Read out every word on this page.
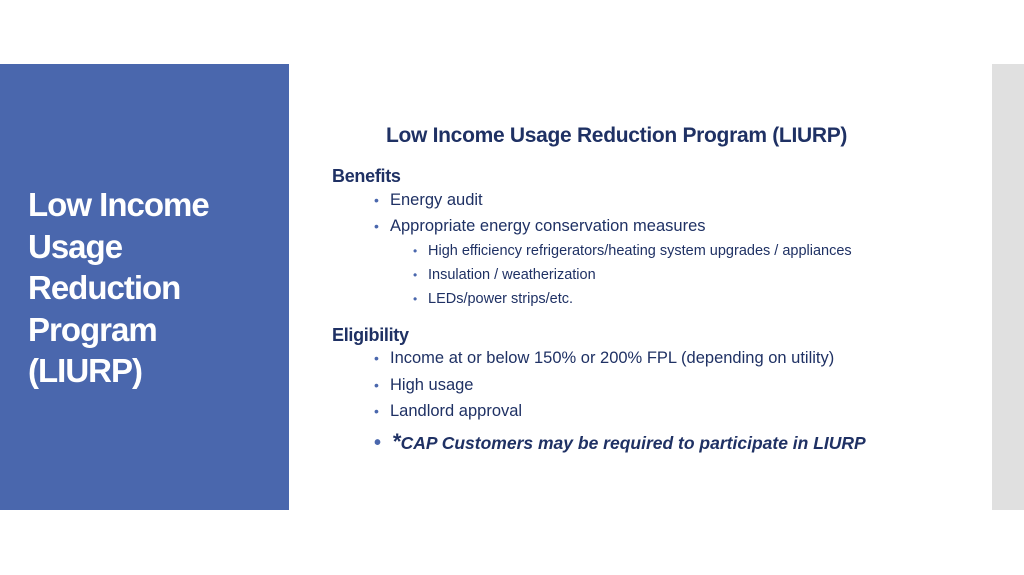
Low Income
Usage
Reduction
Program
(LIURP)
Low Income Usage Reduction Program (LIURP)

Benefits

• Energy audit

• Appropriate energy conservation measures

• High efficiency refrigerators/heating system upgrades / appliances

• Insulation / weatherization

• LEDs/power strips/etc.

Eligibility

• Income at or below 150% or 200% FPL (depending on utility)

• High usage

• Landlord approval

• *CAP Customers may be required to participate in LIURP
